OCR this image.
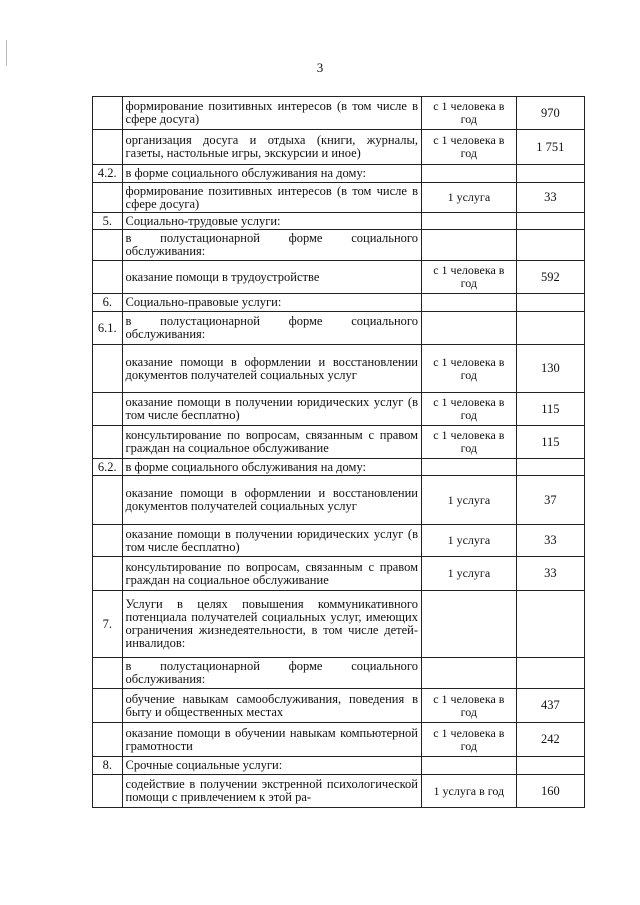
3
	формирование позитивных интересов (в том числе в сфере досуга)	с 1 человека в год	970
	организация досуга и отдыха (книги, журналы, газеты, настольные игры, экскурсии и иное)	с 1 человека в год	1 751
4.2.	в форме социального обслуживания на дому:		
	формирование позитивных интересов (в том числе в сфере досуга)	1 услуга	33
5.	Социально-трудовые услуги:		
	в полустационарной форме социального обслуживания:		
	оказание помощи в трудоустройстве	с 1 человека в год	592
6.	Социально-правовые услуги:		
6.1.	в полустационарной форме социального обслуживания:		
	оказание помощи в оформлении и восстановлении документов получателей социальных услуг	с 1 человека в год	130
	оказание помощи в получении юридических услуг (в том числе бесплатно)	с 1 человека в год	115
	консультирование по вопросам, связанным с правом граждан на социальное обслуживание	с 1 человека в год	115
6.2.	в форме социального обслуживания на дому:		
	оказание помощи в оформлении и восстановлении документов получателей социальных услуг	1 услуга	37
	оказание помощи в получении юридических услуг (в том числе бесплатно)	1 услуга	33
	консультирование по вопросам, связанным с правом граждан на социальное обслуживание	1 услуга	33
7.	Услуги в целях повышения коммуникативного потенциала получателей социальных услуг, имеющих ограничения жизнедеятельности, в том числе детей-инвалидов:		
	в полустационарной форме социального обслуживания:		
	обучение навыкам самообслуживания, поведения в быту и общественных местах	с 1 человека в год	437
	оказание помощи в обучении навыкам компьютерной грамотности	с 1 человека в год	242
8.	Срочные социальные услуги:		
	содействие в получении экстренной психологической помощи с привлечением к этой ра-	1 услуга в год	160
